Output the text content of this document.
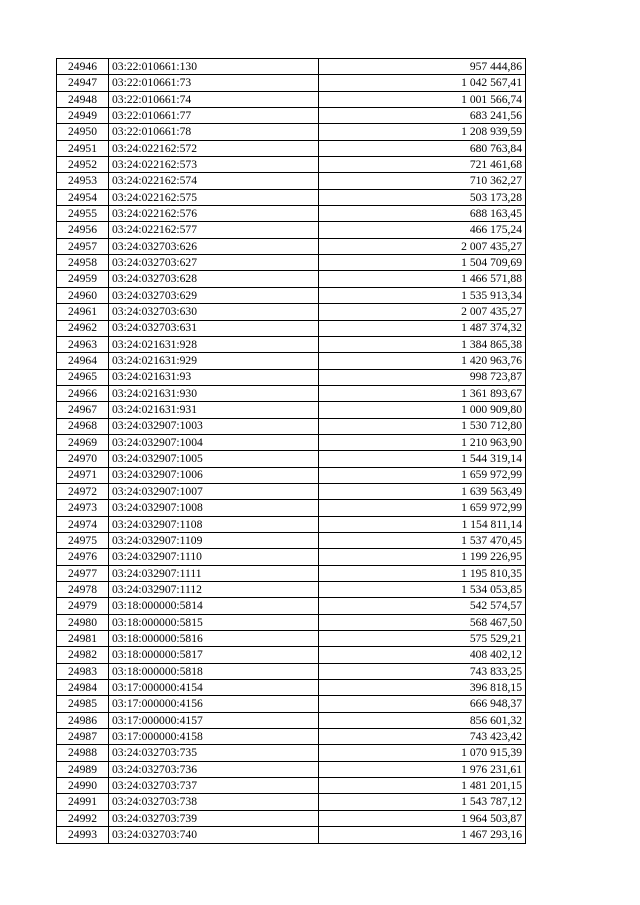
24946	03:22:010661:130	957 444,86
24947	03:22:010661:73	1 042 567,41
24948	03:22:010661:74	1 001 566,74
24949	03:22:010661:77	683 241,56
24950	03:22:010661:78	1 208 939,59
24951	03:24:022162:572	680 763,84
24952	03:24:022162:573	721 461,68
24953	03:24:022162:574	710 362,27
24954	03:24:022162:575	503 173,28
24955	03:24:022162:576	688 163,45
24956	03:24:022162:577	466 175,24
24957	03:24:032703:626	2 007 435,27
24958	03:24:032703:627	1 504 709,69
24959	03:24:032703:628	1 466 571,88
24960	03:24:032703:629	1 535 913,34
24961	03:24:032703:630	2 007 435,27
24962	03:24:032703:631	1 487 374,32
24963	03:24:021631:928	1 384 865,38
24964	03:24:021631:929	1 420 963,76
24965	03:24:021631:93	998 723,87
24966	03:24:021631:930	1 361 893,67
24967	03:24:021631:931	1 000 909,80
24968	03:24:032907:1003	1 530 712,80
24969	03:24:032907:1004	1 210 963,90
24970	03:24:032907:1005	1 544 319,14
24971	03:24:032907:1006	1 659 972,99
24972	03:24:032907:1007	1 639 563,49
24973	03:24:032907:1008	1 659 972,99
24974	03:24:032907:1108	1 154 811,14
24975	03:24:032907:1109	1 537 470,45
24976	03:24:032907:1110	1 199 226,95
24977	03:24:032907:1111	1 195 810,35
24978	03:24:032907:1112	1 534 053,85
24979	03:18:000000:5814	542 574,57
24980	03:18:000000:5815	568 467,50
24981	03:18:000000:5816	575 529,21
24982	03:18:000000:5817	408 402,12
24983	03:18:000000:5818	743 833,25
24984	03:17:000000:4154	396 818,15
24985	03:17:000000:4156	666 948,37
24986	03:17:000000:4157	856 601,32
24987	03:17:000000:4158	743 423,42
24988	03:24:032703:735	1 070 915,39
24989	03:24:032703:736	1 976 231,61
24990	03:24:032703:737	1 481 201,15
24991	03:24:032703:738	1 543 787,12
24992	03:24:032703:739	1 964 503,87
24993	03:24:032703:740	1 467 293,16
